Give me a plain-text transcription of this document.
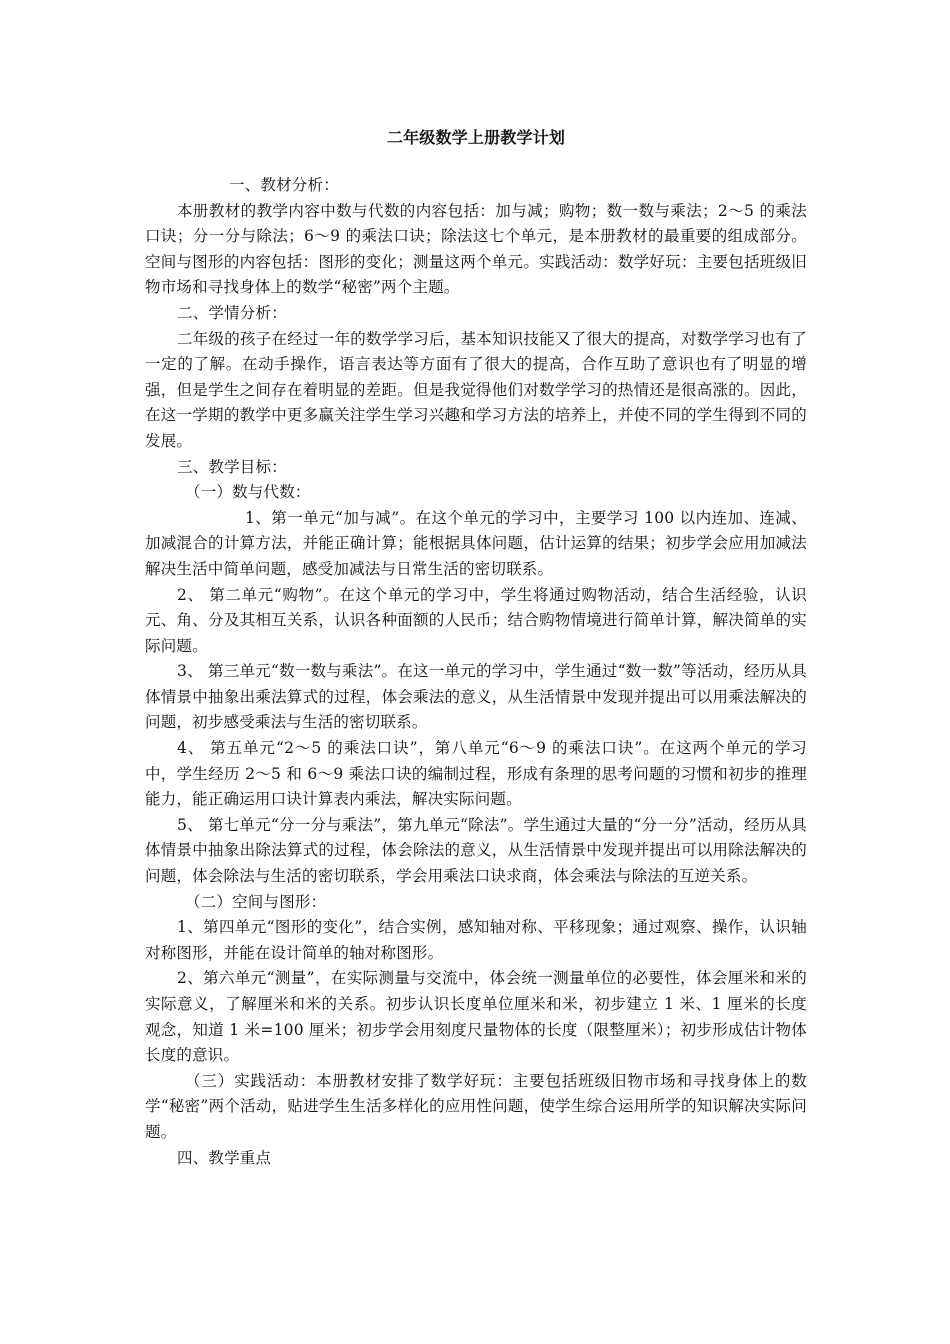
二年级数学上册教学计划

一、教材分析：

本册教材的教学内容中数与代数的内容包括：加与减；购物；数一数与乘法；2～5 的乘法口诀；分一分与除法；6～9 的乘法口诀；除法这七个单元，是本册教材的最重要的组成部分。空间与图形的内容包括：图形的变化；测量这两个单元。实践活动：数学好玩：主要包括班级旧物市场和寻找身体上的数学“秘密”两个主题。

二、学情分析：

二年级的孩子在经过一年的数学学习后，基本知识技能又了很大的提高，对数学学习也有了一定的了解。在动手操作，语言表达等方面有了很大的提高，合作互助了意识也有了明显的增强，但是学生之间存在着明显的差距。但是我觉得他们对数学学习的热情还是很高涨的。因此，在这一学期的教学中更多赢关注学生学习兴趣和学习方法的培养上，并使不同的学生得到不同的发展。

三、教学目标：

（一）数与代数：

1、第一单元“加与减”。在这个单元的学习中，主要学习 100 以内连加、连减、加减混合的计算方法，并能正确计算；能根据具体问题，估计运算的结果；初步学会应用加减法解决生活中简单问题，感受加减法与日常生活的密切联系。

2、 第二单元“购物”。在这个单元的学习中，学生将通过购物活动，结合生活经验，认识元、角、分及其相互关系，认识各种面额的人民币；结合购物情境进行简单计算，解决简单的实际问题。

3、 第三单元“数一数与乘法”。在这一单元的学习中，学生通过“数一数”等活动，经历从具体情景中抽象出乘法算式的过程，体会乘法的意义，从生活情景中发现并提出可以用乘法解决的问题，初步感受乘法与生活的密切联系。

4、 第五单元“2～5 的乘法口诀”，第八单元“6～9 的乘法口诀”。在这两个单元的学习中，学生经历 2～5 和 6～9 乘法口诀的编制过程，形成有条理的思考问题的习惯和初步的推理能力，能正确运用口诀计算表内乘法，解决实际问题。

5、 第七单元“分一分与乘法”，第九单元“除法”。学生通过大量的“分一分”活动，经历从具体情景中抽象出除法算式的过程，体会除法的意义，从生活情景中发现并提出可以用除法解决的问题，体会除法与生活的密切联系，学会用乘法口诀求商，体会乘法与除法的互逆关系。

（二）空间与图形：

1、第四单元“图形的变化”，结合实例，感知轴对称、平移现象；通过观察、操作，认识轴对称图形，并能在设计简单的轴对称图形。

2、第六单元“测量”，在实际测量与交流中，体会统一测量单位的必要性，体会厘米和米的实际意义，了解厘米和米的关系。初步认识长度单位厘米和米，初步建立 1 米、1 厘米的长度观念，知道 1 米=100 厘米；初步学会用刻度尺量物体的长度（限整厘米）；初步形成估计物体长度的意识。

（三）实践活动：本册教材安排了数学好玩：主要包括班级旧物市场和寻找身体上的数学“秘密”两个活动，贴进学生生活多样化的应用性问题，使学生综合运用所学的知识解决实际问题。

四、教学重点
